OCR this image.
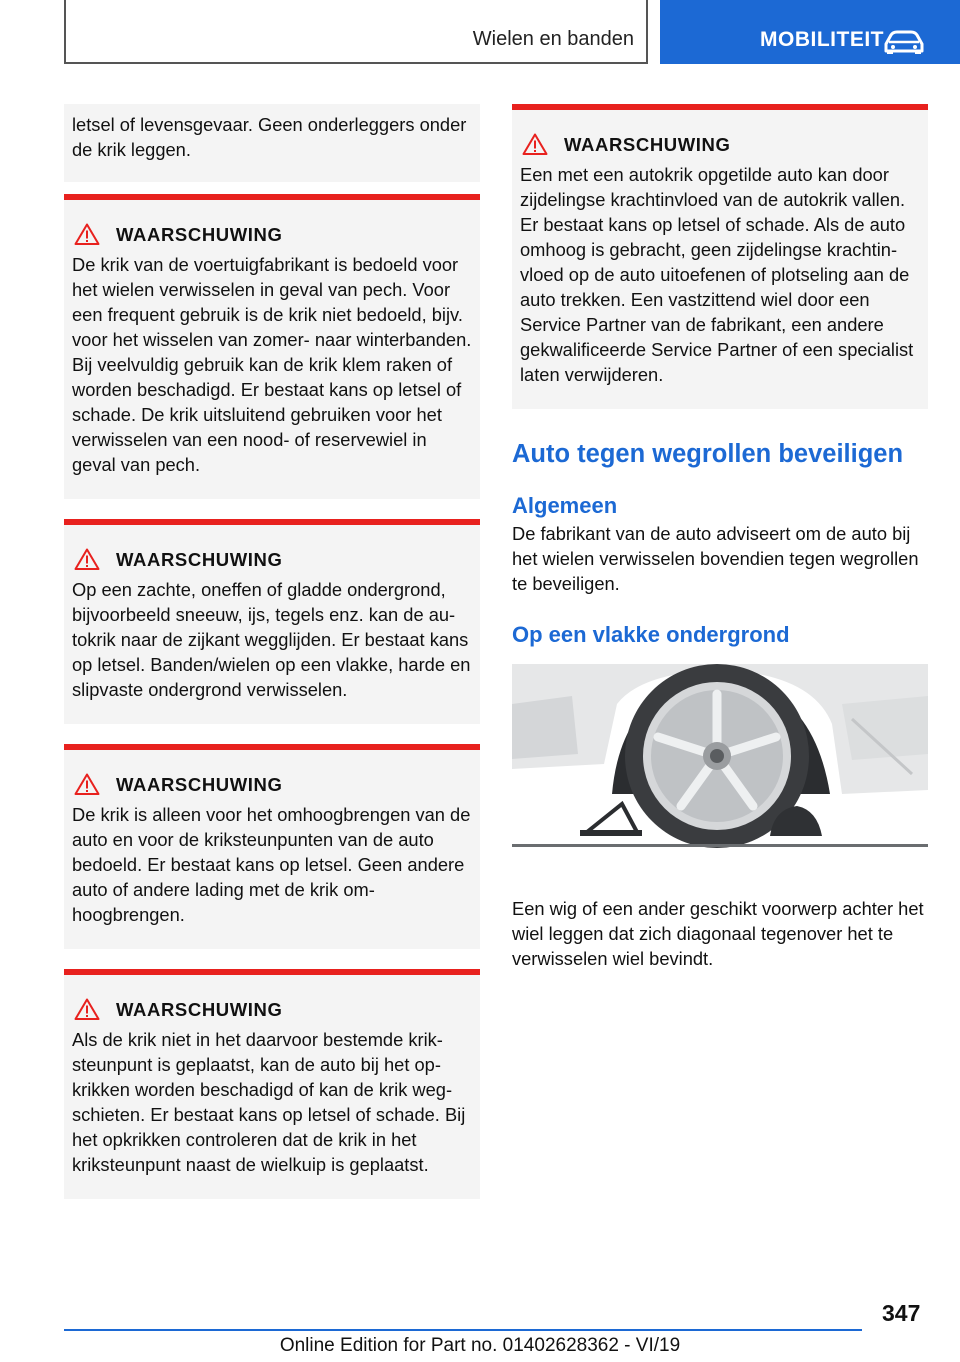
Wielen en banden	MOBILITEIT
letsel of levensgevaar. Geen onderleggers onder de krik leggen.
WAARSCHUWING
De krik van de voertuigfabrikant is bedoeld voor het wielen verwisselen in geval van pech. Voor een frequent gebruik is de krik niet bedoeld, bijv. voor het wisselen van zomer- naar winterbanden. Bij veelvuldig gebruik kan de krik klem raken of worden beschadigd. Er bestaat kans op letsel of schade. De krik uitsluitend gebruiken voor het verwisselen van een nood- of reservewiel in geval van pech.
WAARSCHUWING
Op een zachte, oneffen of gladde ondergrond, bijvoorbeeld sneeuw, ijs, tegels enz. kan de autokrik naar de zijkant wegglijden. Er bestaat kans op letsel. Banden/wielen op een vlakke, harde en slipvaste ondergrond verwisselen.
WAARSCHUWING
De krik is alleen voor het omhoogbrengen van de auto en voor de kriksteunpunten van de auto bedoeld. Er bestaat kans op letsel. Geen andere auto of andere lading met de krik omhoogbrengen.
WAARSCHUWING
Als de krik niet in het daarvoor bestemde kriksteunpunt is geplaatst, kan de auto bij het opkrikken worden beschadigd of kan de krik wegschieten. Er bestaat kans op letsel of schade. Bij het opkrikken controleren dat de krik in het kriksteunpunt naast de wielkuip is geplaatst.
WAARSCHUWING
Een met een autokrik opgetilde auto kan door zijdelingse krachtinvloed van de autokrik vallen. Er bestaat kans op letsel of schade. Als de auto omhoog is gebracht, geen zijdelingse krachtinvloed op de auto uitoefenen of plotseling aan de auto trekken. Een vastzittend wiel door een Service Partner van de fabrikant, een andere gekwalificeerde Service Partner of een specialist laten verwijderen.
Auto tegen wegrollen beveiligen
Algemeen
De fabrikant van de auto adviseert om de auto bij het wielen verwisselen bovendien tegen wegrollen te beveiligen.
Op een vlakke ondergrond
Een wig of een ander geschikt voorwerp achter het wiel leggen dat zich diagonaal tegenover het te verwisselen wiel bevindt.
347
Online Edition for Part no. 01402628362 - VI/19
